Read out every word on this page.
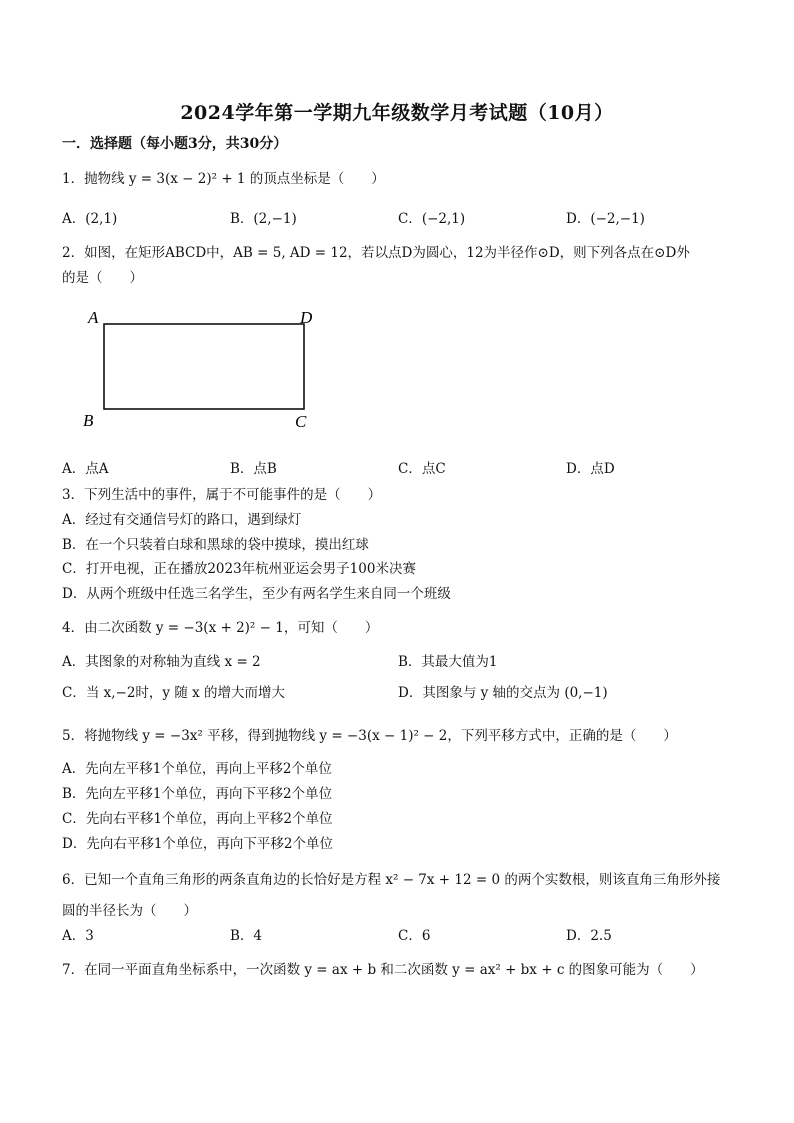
2024学年第一学期九年级数学月考试题（10月）
一．选择题（每小题3分，共30分）
1．抛物线 y = 3(x − 2)² + 1 的顶点坐标是（　　）
A．(2,1)	B．(2,−1)	C．(−2,1)	D．(−2,−1)
2．如图，在矩形ABCD中，AB = 5, AD = 12，若以点D为圆心，12为半径作⊙D，则下列各点在⊙D外
的是（　　）
A	D
B	C
A．点A	B．点B	C．点C	D．点D
3．下列生活中的事件，属于不可能事件的是（　　）
A．经过有交通信号灯的路口，遇到绿灯
B．在一个只装着白球和黑球的袋中摸球，摸出红球
C．打开电视，正在播放2023年杭州亚运会男子100米决赛
D．从两个班级中任选三名学生，至少有两名学生来自同一个班级
4．由二次函数 y = −3(x + 2)² − 1，可知（　　）
A．其图象的对称轴为直线 x = 2	B．其最大值为1
C．当 x,−2时，y 随 x 的增大而增大	D．其图象与 y 轴的交点为 (0,−1)
5．将抛物线 y = −3x² 平移，得到抛物线 y = −3(x − 1)² − 2，下列平移方式中，正确的是（　　）
A．先向左平移1个单位，再向上平移2个单位
B．先向左平移1个单位，再向下平移2个单位
C．先向右平移1个单位，再向上平移2个单位
D．先向右平移1个单位，再向下平移2个单位
6．已知一个直角三角形的两条直角边的长恰好是方程 x² − 7x + 12 = 0 的两个实数根，则该直角三角形外接
圆的半径长为（　　）
A．3	B．4	C．6	D．2.5
7．在同一平面直角坐标系中，一次函数 y = ax + b 和二次函数 y = ax² + bx + c 的图象可能为（　　）
